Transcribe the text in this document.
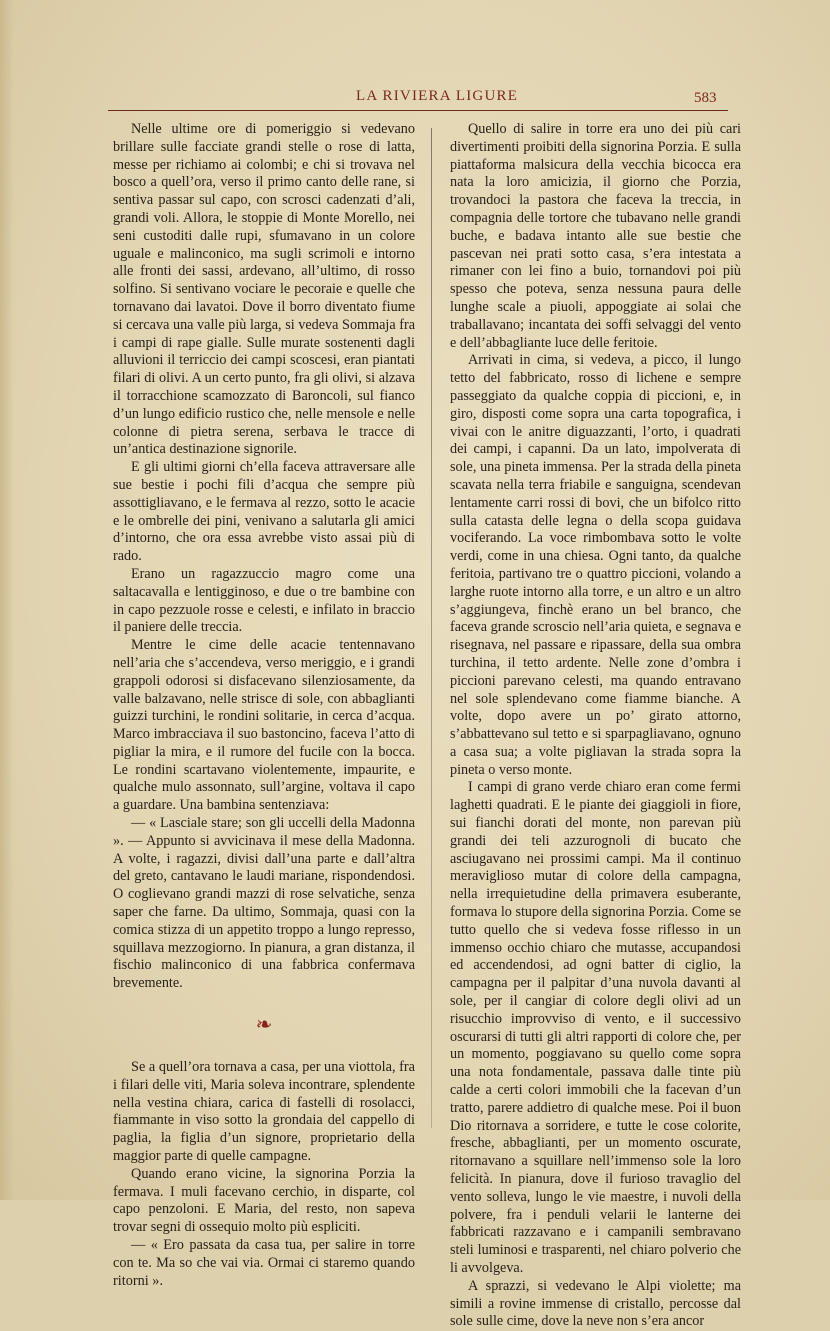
LA RIVIERA LIGURE	583

Nelle ultime ore di pomeriggio si vedevano brillare sulle facciate grandi stelle o rose di latta, messe per richiamo ai colombi; e chi si trovava nel bosco a quell’ora, verso il primo canto delle rane, si sentiva passar sul capo, con scrosci cadenzati d’ali, grandi voli. Allora, le stoppie di Monte Morello, nei seni custoditi dalle rupi, sfumavano in un colore uguale e malinconico, ma sugli scrimoli e intorno alle fronti dei sassi, ardevano, all’ultimo, di rosso solfino. Si sentivano vociare le pecoraie e quelle che tornavano dai lavatoi. Dove il borro diventato fiume si cercava una valle più larga, si vedeva Sommaja fra i campi di rape gialle. Sulle murate sostenenti dagli alluvioni il terriccio dei campi scoscesi, eran piantati filari di olivi. A un certo punto, fra gli olivi, si alzava il torracchione scamozzato di Baroncoli, sul fianco d’un lungo edificio rustico che, nelle mensole e nelle colonne di pietra serena, serbava le tracce di un’antica destinazione signorile.

E gli ultimi giorni ch’ella faceva attraversare alle sue bestie i pochi fili d’acqua che sempre più assottigliavano, e le fermava al rezzo, sotto le acacie e le ombrelle dei pini, venivano a salutarla gli amici d’intorno, che ora essa avrebbe visto assai più di rado.

Erano un ragazzuccio magro come una saltacavalla e lentigginoso, e due o tre bambine con in capo pezzuole rosse e celesti, e infilato in braccio il paniere delle treccia.

Mentre le cime delle acacie tentennavano nell’aria che s’accendeva, verso meriggio, e i grandi grappoli odorosi si disfacevano silenziosamente, da valle balzavano, nelle strisce di sole, con abbaglianti guizzi turchini, le rondini solitarie, in cerca d’acqua. Marco imbracciava il suo bastoncino, faceva l’atto di pigliar la mira, e il rumore del fucile con la bocca. Le rondini scartavano violentemente, impaurite, e qualche mulo assonnato, sull’argine, voltava il capo a guardare. Una bambina sentenziava:

— « Lasciale stare; son gli uccelli della Madonna ». — Appunto si avvicinava il mese della Madonna. A volte, i ragazzi, divisi dall’una parte e dall’altra del greto, cantavano le laudi mariane, rispondendosi. O coglievano grandi mazzi di rose selvatiche, senza saper che farne. Da ultimo, Sommaja, quasi con la comica stizza di un appetito troppo a lungo represso, squillava mezzogiorno. In pianura, a gran distanza, il fischio malinconico di una fabbrica confermava brevemente.

❧

Se a quell’ora tornava a casa, per una viottola, fra i filari delle viti, Maria soleva incontrare, splendente nella vestina chiara, carica di fastelli di rosolacci, fiammante in viso sotto la grondaia del cappello di paglia, la figlia d’un signore, proprietario della maggior parte di quelle campagne.

Quando erano vicine, la signorina Porzia la fermava. I muli facevano cerchio, in disparte, col capo penzoloni. E Maria, del resto, non sapeva trovar segni di ossequio molto più espliciti.

— « Ero passata da casa tua, per salire in torre con te. Ma so che vai via. Ormai ci staremo quando ritorni ».

Quello di salire in torre era uno dei più cari divertimenti proibiti della signorina Porzia. E sulla piattaforma malsicura della vecchia bicocca era nata la loro amicizia, il giorno che Porzia, trovandoci la pastora che faceva la treccia, in compagnia delle tortore che tubavano nelle grandi buche, e badava intanto alle sue bestie che pascevan nei prati sotto casa, s’era intestata a rimaner con lei fino a buio, tornandovi poi più spesso che poteva, senza nessuna paura delle lunghe scale a piuoli, appoggiate ai solai che traballavano; incantata dei soffi selvaggi del vento e dell’abbagliante luce delle feritoie.

Arrivati in cima, si vedeva, a picco, il lungo tetto del fabbricato, rosso di lichene e sempre passeggiato da qualche coppia di piccioni, e, in giro, disposti come sopra una carta topografica, i vivai con le anitre diguazzanti, l’orto, i quadrati dei campi, i capanni. Da un lato, impolverata di sole, una pineta immensa. Per la strada della pineta scavata nella terra friabile e sanguigna, scendevan lentamente carri rossi di bovi, che un bifolco ritto sulla catasta delle legna o della scopa guidava vociferando. La voce rimbombava sotto le volte verdi, come in una chiesa. Ogni tanto, da qualche feritoia, partivano tre o quattro piccioni, volando a larghe ruote intorno alla torre, e un altro e un altro s’aggiungeva, finchè erano un bel branco, che faceva grande scroscio nell’aria quieta, e segnava e risegnava, nel passare e ripassare, della sua ombra turchina, il tetto ardente. Nelle zone d’ombra i piccioni parevano celesti, ma quando entravano nel sole splendevano come fiamme bianche. A volte, dopo avere un po’ girato attorno, s’abbattevano sul tetto e si sparpagliavano, ognuno a casa sua; a volte pigliavan la strada sopra la pineta o verso monte.

I campi di grano verde chiaro eran come fermi laghetti quadrati. E le piante dei giaggioli in fiore, sui fianchi dorati del monte, non parevan più grandi dei teli azzurognoli di bucato che asciugavano nei prossimi campi. Ma il continuo meraviglioso mutar di colore della campagna, nella irrequietudine della primavera esuberante, formava lo stupore della signorina Porzia. Come se tutto quello che si vedeva fosse riflesso in un immenso occhio chiaro che mutasse, accupandosi ed accendendosi, ad ogni batter di ciglio, la campagna per il palpitar d’una nuvola davanti al sole, per il cangiar di colore degli olivi ad un risucchio improvviso di vento, e il successivo oscurarsi di tutti gli altri rapporti di colore che, per un momento, poggiavano su quello come sopra una nota fondamentale, passava dalle tinte più calde a certi colori immobili che la facevan d’un tratto, parere addietro di qualche mese. Poi il buon Dio ritornava a sorridere, e tutte le cose colorite, fresche, abbaglianti, per un momento oscurate, ritornavano a squillare nell’immenso sole la loro felicità. In pianura, dove il furioso travaglio del vento solleva, lungo le vie maestre, i nuvoli della polvere, fra i penduli velarii le lanterne dei fabbricati razzavano e i campanili sembravano steli luminosi e trasparenti, nel chiaro polverio che li avvolgeva.

A sprazzi, si vedevano le Alpi violette; ma simili a rovine immense di cristallo, percosse dal sole sulle cime, dove la neve non s’era ancor
